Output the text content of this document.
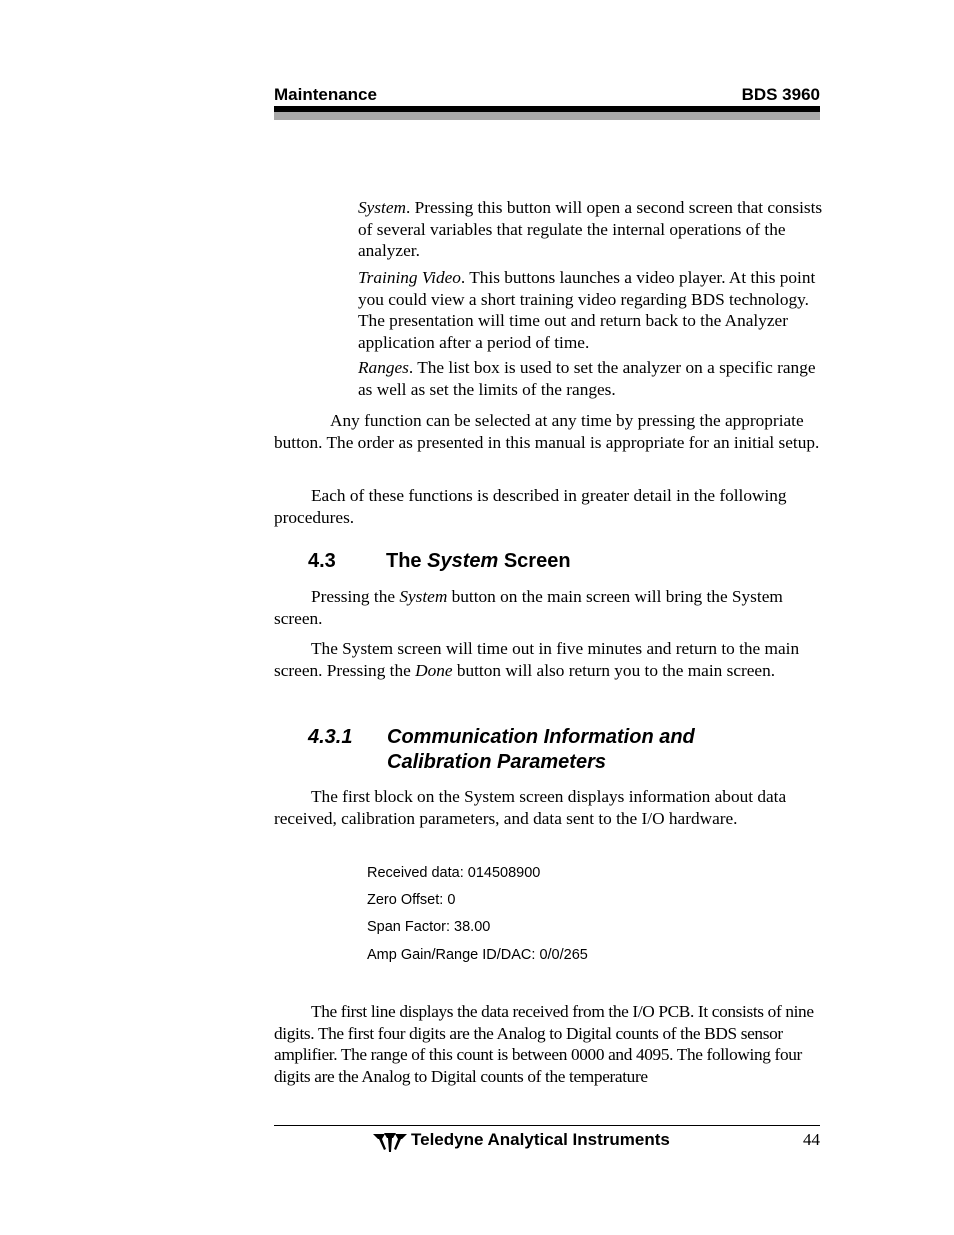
Maintenance	BDS 3960

System. Pressing this button will open a second screen that consists of several variables that regulate the internal operations of the analyzer.

Training Video. This buttons launches a video player. At this point you could view a short training video regarding BDS technology. The presentation will time out and return back to the Analyzer application after a period of time.

Ranges. The list box is used to set the analyzer on a specific range as well as set the limits of the ranges.

Any function can be selected at any time by pressing the appropriate button. The order as presented in this manual is appropriate for an initial setup.

Each of these functions is described in greater detail in the following procedures.

4.3	The System Screen

Pressing the System button on the main screen will bring the System screen.

The System screen will time out in five minutes and return to the main screen. Pressing the Done button will also return you to the main screen.

4.3.1 Communication Information and
Calibration Parameters

The first block on the System screen displays information about data received, calibration parameters, and data sent to the I/O hardware.

Received data: 014508900
Zero Offset: 0
Span Factor: 38.00
Amp Gain/Range ID/DAC: 0/0/265

The first line displays the data received from the I/O PCB. It consists of nine digits. The first four digits are the Analog to Digital counts of the BDS sensor amplifier. The range of this count is between 0000 and 4095. The following four digits are the Analog to Digital counts of the temperature

Teledyne Analytical Instruments	44
